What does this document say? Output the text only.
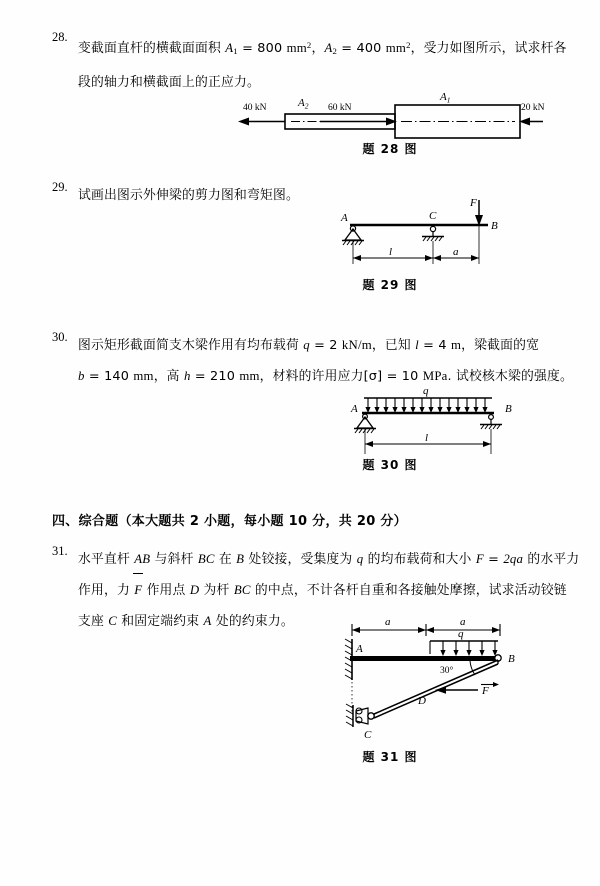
28.
变截面直杆的横截面面积 $A_1 = 800$ $mm^2$，$A_2 = 400$ $mm^2$，受力如图所示，试求杆各
段的轴力和横截面上的正应力。
40 kN	60 kN	20 kN
$A_2$
$A_1$
题 28 图
29.
试画出图示外伸梁的剪力图和弯矩图。
A
B
C
F
l	a
题 29 图
30.
图示矩形截面简支木梁作用有均布载荷 q = 2 kN/m，已知 l = 4 m，梁截面的宽
b = 140 mm，高 h = 210 mm，材料的许用应力[σ] = 10 MPa. 试校核木梁的强度。
A	B
q
l
题 30 图
四、综合题（本大题共 2 小题，每小题 10 分，共 20 分）
31.
水平直杆 AB 与斜杆 BC 在 B 处铰接，受集度为 q 的均布载荷和大小 F = 2qa 的水平力
作用，力 F 作用点 D 为杆 BC 的中点，不计各杆自重和各接触处摩擦，试求活动铰链
支座 C 和固定端约束 A 处的约束力。	a	a
A
B
q
30°
F
D
C
题 31 图
